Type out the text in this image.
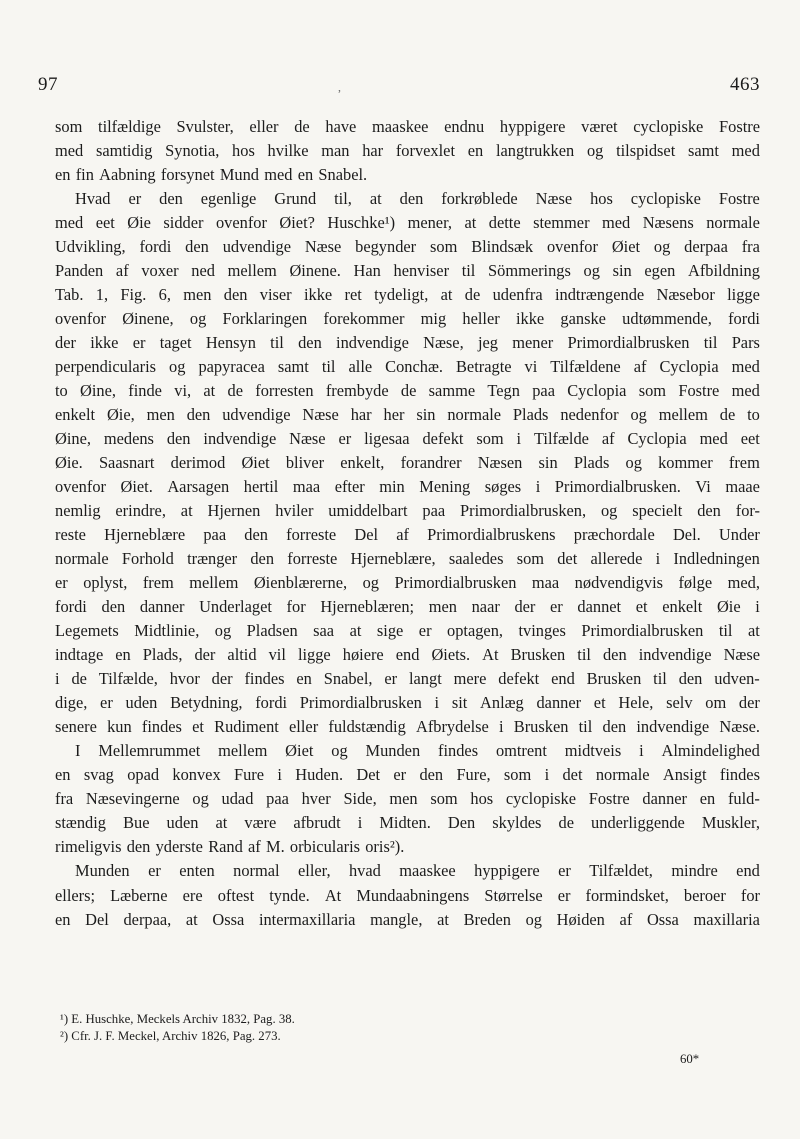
97	,	463
som tilfældige Svulster, eller de have maaskee endnu hyppigere været cyclopiske Fostre
med samtidig Synotia, hos hvilke man har forvexlet en langtrukken og tilspidset samt med
en fin Aabning forsynet Mund med en Snabel.
Hvad er den egenlige Grund til, at den forkrøblede Næse hos cyclopiske Fostre
med eet Øie sidder ovenfor Øiet? Huschke¹) mener, at dette stemmer med Næsens normale
Udvikling, fordi den udvendige Næse begynder som Blindsæk ovenfor Øiet og derpaa fra
Panden af voxer ned mellem Øinene. Han henviser til Sömmerings og sin egen Afbildning
Tab. 1, Fig. 6, men den viser ikke ret tydeligt, at de udenfra indtrængende Næsebor ligge
ovenfor Øinene, og Forklaringen forekommer mig heller ikke ganske udtømmende, fordi
der ikke er taget Hensyn til den indvendige Næse, jeg mener Primordialbrusken til Pars
perpendicularis og papyracea samt til alle Conchæ. Betragte vi Tilfældene af Cyclopia med
to Øine, finde vi, at de forresten frembyde de samme Tegn paa Cyclopia som Fostre med
enkelt Øie, men den udvendige Næse har her sin normale Plads nedenfor og mellem de to
Øine, medens den indvendige Næse er ligesaa defekt som i Tilfælde af Cyclopia med eet
Øie. Saasnart derimod Øiet bliver enkelt, forandrer Næsen sin Plads og kommer frem
ovenfor Øiet. Aarsagen hertil maa efter min Mening søges i Primordialbrusken. Vi maae
nemlig erindre, at Hjernen hviler umiddelbart paa Primordialbrusken, og specielt den for-
reste Hjerneblære paa den forreste Del af Primordialbruskens præchordale Del. Under
normale Forhold trænger den forreste Hjerneblære, saaledes som det allerede i Indledningen
er oplyst, frem mellem Øienblærerne, og Primordialbrusken maa nødvendigvis følge med,
fordi den danner Underlaget for Hjerneblæren; men naar der er dannet et enkelt Øie i
Legemets Midtlinie, og Pladsen saa at sige er optagen, tvinges Primordialbrusken til at
indtage en Plads, der altid vil ligge høiere end Øiets. At Brusken til den indvendige Næse
i de Tilfælde, hvor der findes en Snabel, er langt mere defekt end Brusken til den udven-
dige, er uden Betydning, fordi Primordialbrusken i sit Anlæg danner et Hele, selv om der
senere kun findes et Rudiment eller fuldstændig Afbrydelse i Brusken til den indvendige Næse.
I Mellemrummet mellem Øiet og Munden findes omtrent midtveis i Almindelighed
en svag opad konvex Fure i Huden. Det er den Fure, som i det normale Ansigt findes
fra Næsevingerne og udad paa hver Side, men som hos cyclopiske Fostre danner en fuld-
stændig Bue uden at være afbrudt i Midten. Den skyldes de underliggende Muskler,
rimeligvis den yderste Rand af M. orbicularis oris²).
Munden er enten normal eller, hvad maaskee hyppigere er Tilfældet, mindre end
ellers; Læberne ere oftest tynde. At Mundaabningens Størrelse er formindsket, beroer for
en Del derpaa, at Ossa intermaxillaria mangle, at Breden og Høiden af Ossa maxillaria
¹) E. Huschke, Meckels Archiv 1832, Pag. 38.
²) Cfr. J. F. Meckel, Archiv 1826, Pag. 273.
60*
